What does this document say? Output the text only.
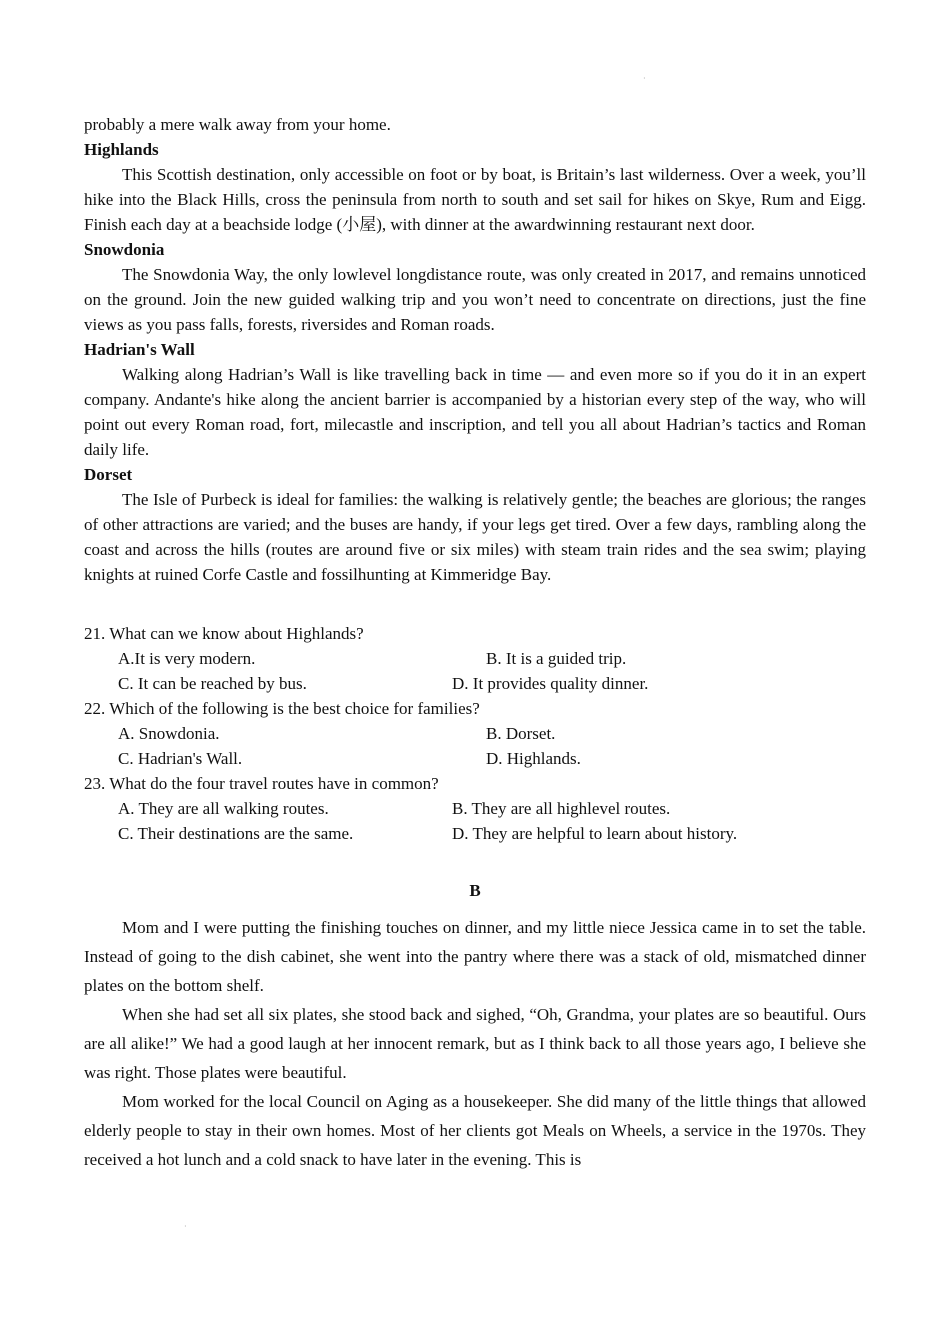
·

probably a mere walk away from your home.

Highlands

This Scottish destination, only accessible on foot or by boat, is Britain’s last wilderness. Over a week, you’ll hike into the Black Hills, cross the peninsula from north to south and set sail for hikes on Skye, Rum and Eigg. Finish each day at a beachside lodge (小屋), with dinner at the awardwinning restaurant next door.

Snowdonia

The Snowdonia Way, the only lowlevel longdistance route, was only created in 2017, and remains unnoticed on the ground. Join the new guided walking trip and you won’t need to concentrate on directions, just the fine views as you pass falls, forests, riversides and Roman roads.

Hadrian's Wall

Walking along Hadrian’s Wall is like travelling back in time — and even more so if you do it in an expert company. Andante's hike along the ancient barrier is accompanied by a historian every step of the way, who will point out every Roman road, fort, milecastle and inscription, and tell you all about Hadrian’s tactics and Roman daily life.

Dorset

The Isle of Purbeck is ideal for families: the walking is relatively gentle; the beaches are glorious; the ranges of other attractions are varied; and the buses are handy, if your legs get tired. Over a few days, rambling along the coast and across the hills (routes are around five or six miles) with steam train rides and the sea swim; playing knights at ruined Corfe Castle and fossilhunting at Kimmeridge Bay.

21. What can we know about Highlands?

A.It is very modern.	B. It is a guided trip.
C. It can be reached by bus.	D. It provides quality dinner.

22. Which of the following is the best choice for families?

A. Snowdonia.	B. Dorset.
C. Hadrian's Wall.	D. Highlands.

23. What do the four travel routes have in common?

A. They are all walking routes.	B. They are all highlevel routes.
C. Their destinations are the same.	D. They are helpful to learn about history.

B

Mom and I were putting the finishing touches on dinner, and my little niece Jessica came in to set the table. Instead of going to the dish cabinet, she went into the pantry where there was a stack of old, mismatched dinner plates on the bottom shelf.

When she had set all six plates, she stood back and sighed, “Oh, Grandma, your plates are so beautiful. Ours are all alike!” We had a good laugh at her innocent remark, but as I think back to all those years ago, I believe she was right. Those plates were beautiful.

Mom worked for the local Council on Aging as a housekeeper. She did many of the little things that allowed elderly people to stay in their own homes. Most of her clients got Meals on Wheels, a service in the 1970s. They received a hot lunch and a cold snack to have later in the evening. This is

·
